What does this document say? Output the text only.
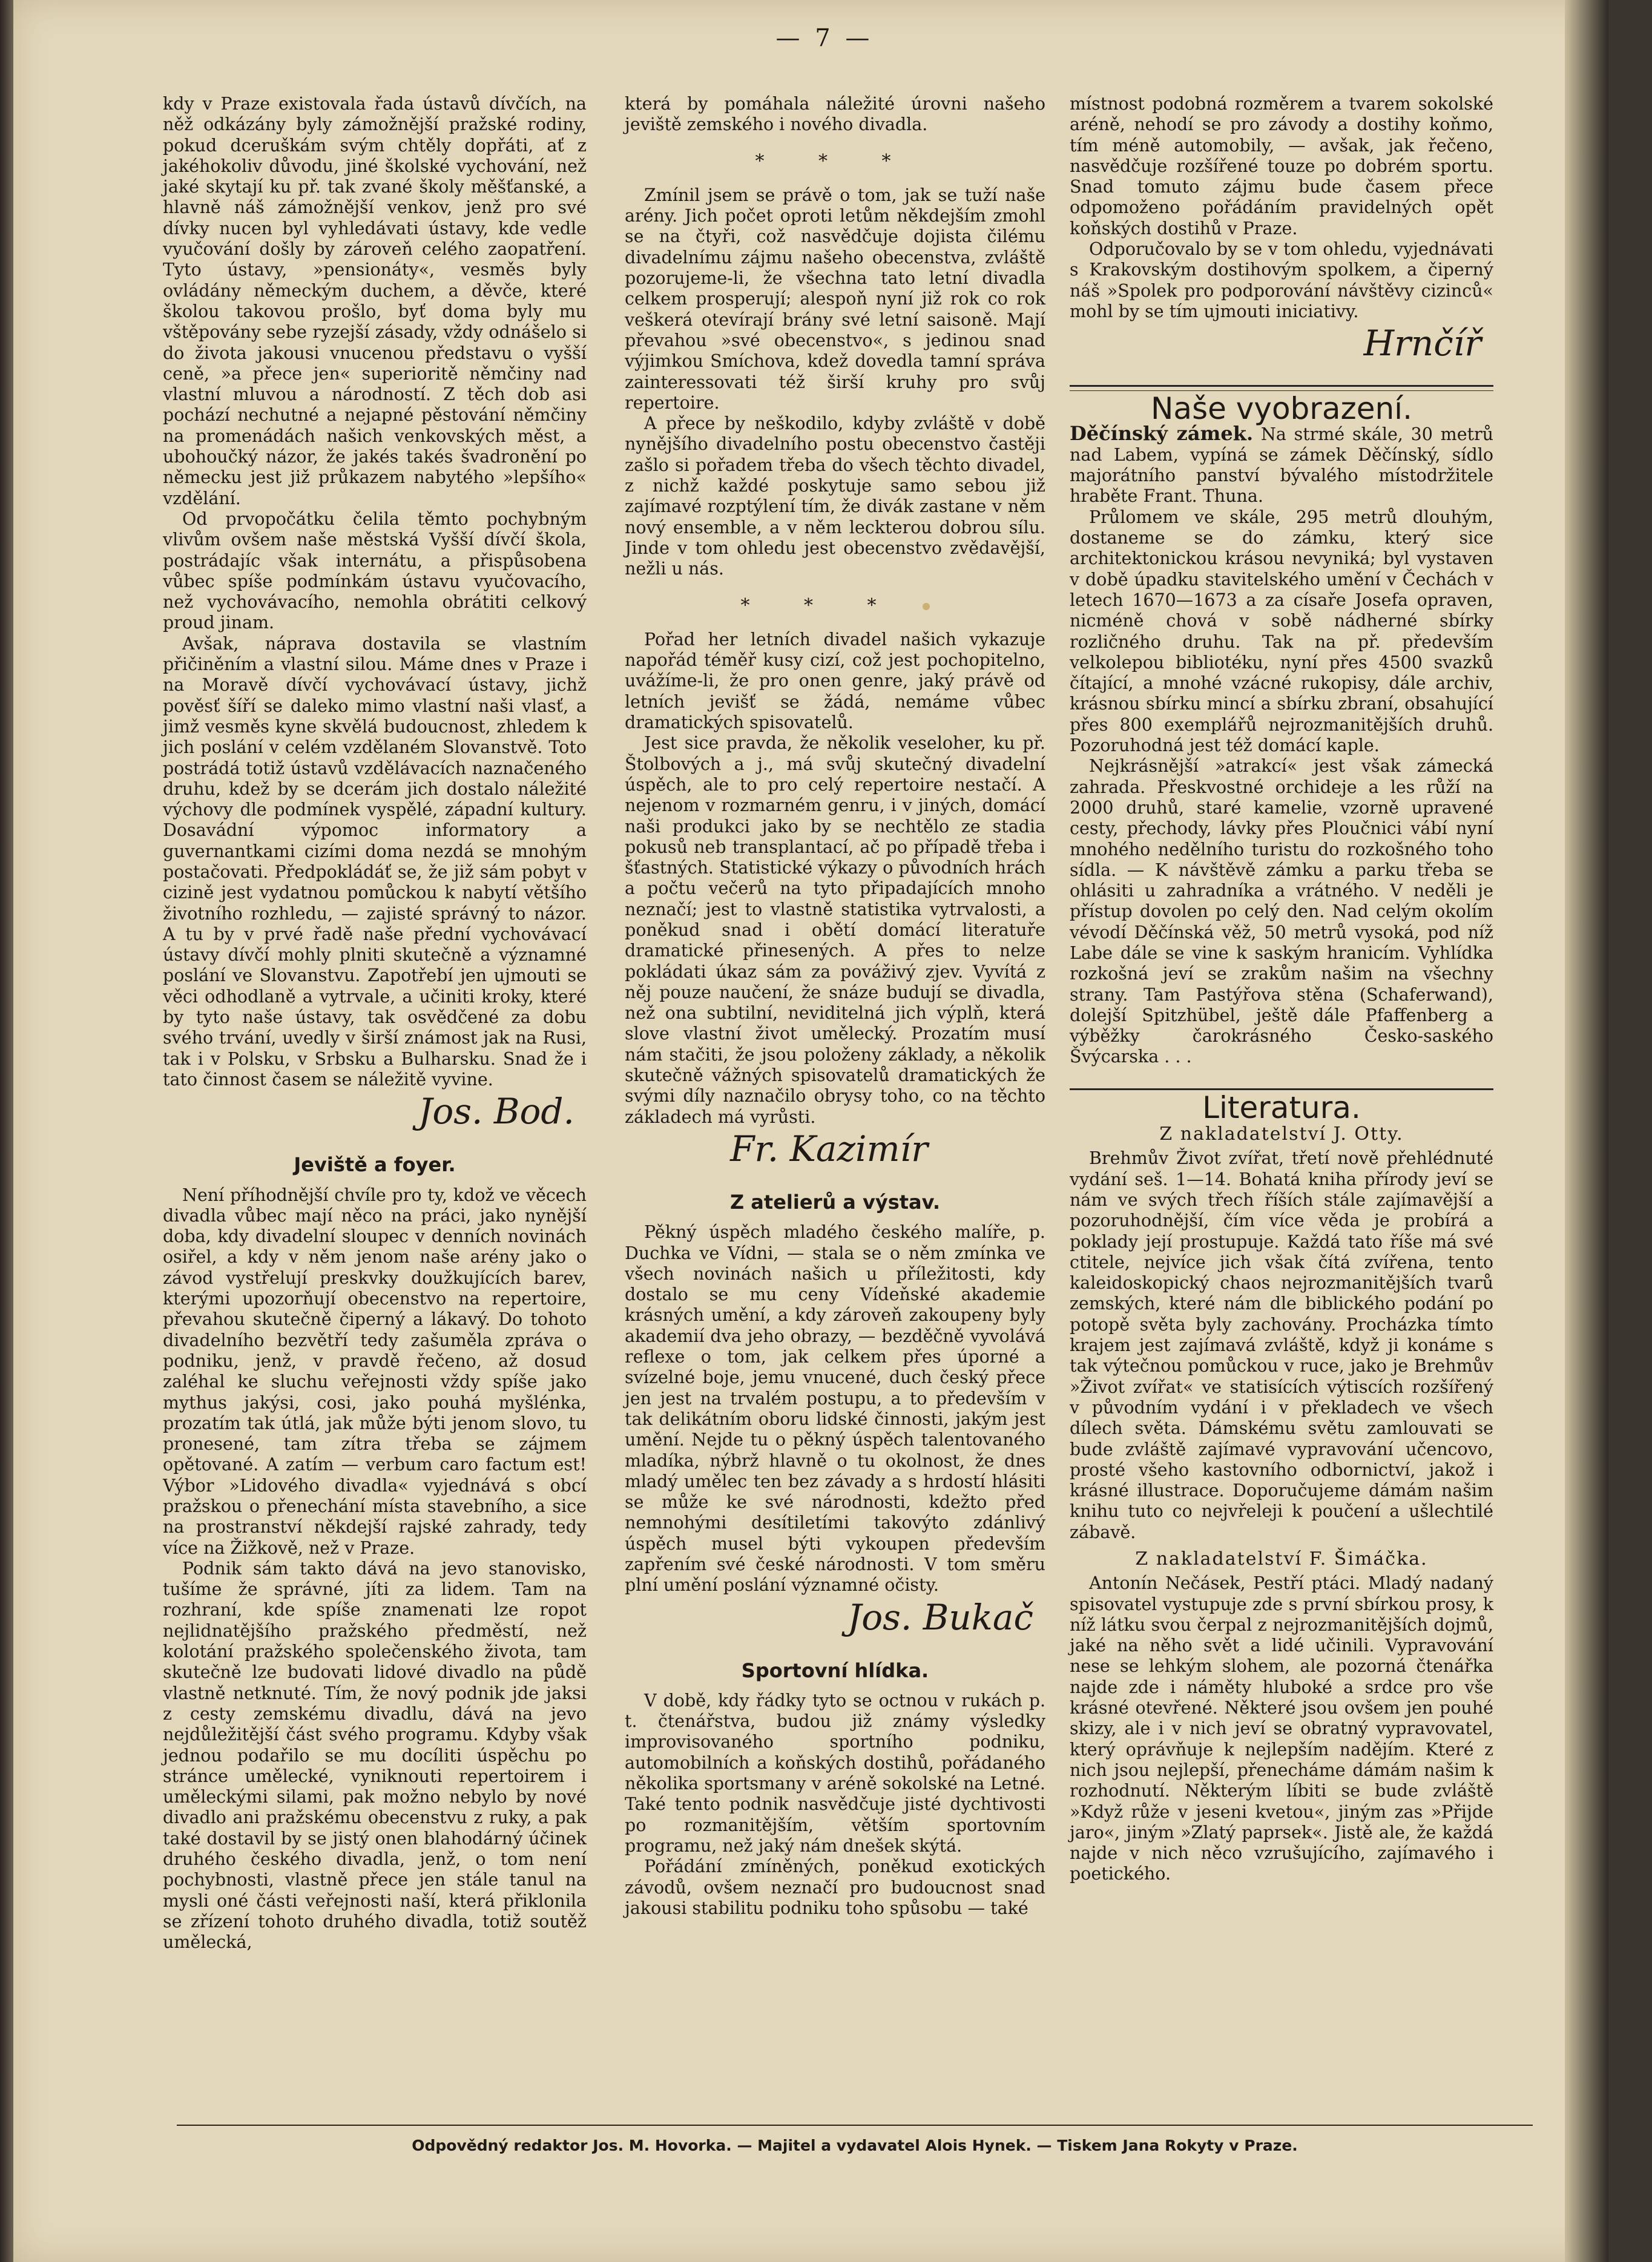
— 7 —

kdy v Praze existovala řada ústavů dívčích, na něž odkázány byly zámožnější pražské rodiny, pokud dceruškám svým chtěly dopřáti, ať z jakéhokoliv důvodu, jiné školské vychování, než jaké skytají ku př. tak zvané školy měšťanské, a hlavně náš zámožnější venkov, jenž pro své dívky nucen byl vyhledávati ústavy, kde vedle vyučování došly by zároveň celého zaopatření. Tyto ústavy, »pensionáty«, vesměs byly ovládány německým duchem, a děvče, které školou takovou prošlo, byť doma byly mu vštěpovány sebe ryzejší zásady, vždy odnášelo si do života jakousi vnucenou představu o vyšší ceně, »a přece jen« superioritě němčiny nad vlastní mluvou a národností. Z těch dob asi pochází nechutné a nejapné pěstování němčiny na promenádách našich venkovských měst, a ubohoučký názor, že jakés takés švadronění po německu jest již průkazem nabytého »lepšího« vzdělání.

Od prvopočátku čelila těmto pochybným vlivům ovšem naše městská Vyšší dívčí škola, postrádajíc však internátu, a přispůsobena vůbec spíše podmínkám ústavu vyučovacího, než vychovávacího, nemohla obrátiti celkový proud jinam.

Avšak, náprava dostavila se vlastním přičiněním a vlastní silou. Máme dnes v Praze i na Moravě dívčí vychovávací ústavy, jichž pověsť šíří se daleko mimo vlastní naši vlasť, a jimž vesměs kyne skvělá budoucnost, zhledem k jich poslání v celém vzdělaném Slovanstvě. Toto postrádá totiž ústavů vzdělávacích naznačeného druhu, kdež by se dcerám jich dostalo náležité výchovy dle podmínek vyspělé, západní kultury. Dosavádní výpomoc informatory a guvernantkami cizími doma nezdá se mnohým postačovati. Předpokládáť se, že již sám pobyt v cizině jest vydatnou pomůckou k nabytí většího životního rozhledu, — zajisté správný to názor. A tu by v prvé řadě naše přední vychovávací ústavy dívčí mohly plniti skutečně a významné poslání ve Slovanstvu. Zapotřebí jen ujmouti se věci odhodlaně a vytrvale, a učiniti kroky, které by tyto naše ústavy, tak osvědčené za dobu svého trvání, uvedly v širší známost jak na Rusi, tak i v Polsku, v Srbsku a Bulharsku. Snad že i tato činnost časem se náležitě vyvine.

Jos. Bod.
Jeviště a foyer.

Není příhodnější chvíle pro ty, kdož ve věcech divadla vůbec mají něco na práci, jako nynější doba, kdy divadelní sloupec v denních novinách osiřel, a kdy v něm jenom naše arény jako o závod vystřelují preskvky doužkujících barev, kterými upozorňují obecenstvo na repertoire, převahou skutečně čiperný a lákavý. Do tohoto divadelního bezvětří tedy zašuměla zpráva o podniku, jenž, v pravdě řečeno, až dosud zaléhal ke sluchu veřejnosti vždy spíše jako mythus jakýsi, cosi, jako pouhá myšlénka, prozatím tak útlá, jak může býti jenom slovo, tu pronesené, tam zítra třeba se zájmem opětované. A zatím — verbum caro factum est! Výbor »Lidového divadla« vyjednává s obcí pražskou o přenechání místa stavebního, a sice na prostranství někdejší rajské zahrady, tedy více na Žižkově, než v Praze.

Podnik sám takto dává na jevo stanovisko, tušíme že správné, jíti za lidem. Tam na rozhraní, kde spíše znamenati lze ropot nejlidnatějšího pražského předměstí, než kolotání pražského společenského života, tam skutečně lze budovati lidové divadlo na půdě vlastně netknuté. Tím, že nový podnik jde jaksi z cesty zemskému divadlu, dává na jevo nejdůležitější část svého programu. Kdyby však jednou podařilo se mu docíliti úspěchu po stránce umělecké, vyniknouti repertoirem i uměleckými silami, pak možno nebylo by nové divadlo ani pražskému obecenstvu z ruky, a pak také dostavil by se jistý onen blahodárný účinek druhého českého divadla, jenž, o tom není pochybnosti, vlastně přece jen stále tanul na mysli oné části veřejnosti naší, která přiklonila se zřízení tohoto druhého divadla, totiž soutěž umělecká,

která by pomáhala náležité úrovni našeho jeviště zemského i nového divadla.

* * *

Zmínil jsem se právě o tom, jak se tuží naše arény. Jich počet oproti letům někdejším zmohl se na čtyři, což nasvědčuje dojista čilému divadelnímu zájmu našeho obecenstva, zvláště pozorujeme-li, že všechna tato letní divadla celkem prosperují; alespoň nyní již rok co rok veškerá otevírají brány své letní saisoně. Mají převahou »své obecenstvo«, s jedinou snad výjimkou Smíchova, kdež dovedla tamní správa zainteressovati též širší kruhy pro svůj repertoire.

A přece by neškodilo, kdyby zvláště v době nynějšího divadelního postu obecenstvo častěji zašlo si pořadem třeba do všech těchto divadel, z nichž každé poskytuje samo sebou již zajímavé rozptýlení tím, že divák zastane v něm nový ensemble, a v něm leckterou dobrou sílu. Jinde v tom ohledu jest obecenstvo zvědavější, nežli u nás.

* * *

Pořad her letních divadel našich vykazuje napořád téměř kusy cizí, což jest pochopitelno, uvážíme-li, že pro onen genre, jaký právě od letních jevišť se žádá, nemáme vůbec dramatických spisovatelů.

Jest sice pravda, že několik veseloher, ku př. Štolbových a j., má svůj skutečný divadelní úspěch, ale to pro celý repertoire nestačí. A nejenom v rozmarném genru, i v jiných, domácí naši produkci jako by se nechtělo ze stadia pokusů neb transplantací, ač po případě třeba i šťastných. Statistické výkazy o původních hrách a počtu večerů na tyto připadajících mnoho neznačí; jest to vlastně statistika vytrvalosti, a poněkud snad i obětí domácí literatuře dramatické přinesených. A přes to nelze pokládati úkaz sám za pováživý zjev. Vyvítá z něj pouze naučení, že snáze budují se divadla, než ona subtilní, neviditelná jich výplň, která slove vlastní život umělecký. Prozatím musí nám stačiti, že jsou položeny základy, a několik skutečně vážných spisovatelů dramatických že svými díly naznačilo obrysy toho, co na těchto základech má vyrůsti.

Fr. Kazimír
Z atelierů a výstav.

Pěkný úspěch mladého českého malíře, p. Duchka ve Vídni, — stala se o něm zmínka ve všech novinách našich u příležitosti, kdy dostalo se mu ceny Vídeňské akademie krásných umění, a kdy zároveň zakoupeny byly akademií dva jeho obrazy, — bezděčně vyvolává reflexe o tom, jak celkem přes úporné a svízelné boje, jemu vnucené, duch český přece jen jest na trvalém postupu, a to především v tak delikátním oboru lidské činnosti, jakým jest umění. Nejde tu o pěkný úspěch talentovaného mladíka, nýbrž hlavně o tu okolnost, že dnes mladý umělec ten bez závady a s hrdostí hlásiti se může ke své národnosti, kdežto před nemnohými desítiletími takovýto zdánlivý úspěch musel býti vykoupen především zapřením své české národnosti. V tom směru plní umění poslání významné očisty.

Jos. Bukač
Sportovní hlídka.

V době, kdy řádky tyto se octnou v rukách p. t. čtenářstva, budou již známy výsledky improvisovaného sportního podniku, automobilních a koňských dostihů, pořádaného několika sportsmany v aréně sokolské na Letné. Také tento podnik nasvědčuje jisté dychtivosti po rozmanitějším, větším sportovním programu, než jaký nám dnešek skýtá.

Pořádání zmíněných, poněkud exotických závodů, ovšem neznačí pro budoucnost snad jakousi stabilitu podniku toho spůsobu — také

místnost podobná rozměrem a tvarem sokolské aréně, nehodí se pro závody a dostihy koňmo, tím méně automobily, — avšak, jak řečeno, nasvědčuje rozšířené touze po dobrém sportu. Snad tomuto zájmu bude časem přece odpomoženo pořádáním pravidelných opět koňských dostihů v Praze.

Odporučovalo by se v tom ohledu, vyjednávati s Krakovským dostihovým spolkem, a čiperný náš »Spolek pro podporování návštěvy cizinců« mohl by se tím ujmouti iniciativy.

Hrnčíř
Naše vyobrazení.

Děčínský zámek. Na strmé skále, 30 metrů nad Labem, vypíná se zámek Děčínský, sídlo majorátního panství bývalého místodržitele hraběte Frant. Thuna.

Průlomem ve skále, 295 metrů dlouhým, dostaneme se do zámku, který sice architektonickou krásou nevyniká; byl vystaven v době úpadku stavitelského umění v Čechách v letech 1670—1673 a za císaře Josefa opraven, nicméně chová v sobě nádherné sbírky rozličného druhu. Tak na př. především velkolepou bibliotéku, nyní přes 4500 svazků čítající, a mnohé vzácné rukopisy, dále archiv, krásnou sbírku mincí a sbírku zbraní, obsahující přes 800 exemplářů nejrozmanitějších druhů. Pozoruhodná jest též domácí kaple.

Nejkrásnější »atrakcí« jest však zámecká zahrada. Přeskvostné orchideje a les růží na 2000 druhů, staré kamelie, vzorně upravené cesty, přechody, lávky přes Ploučnici vábí nyní mnohého nedělního turistu do rozkošného toho sídla. — K návštěvě zámku a parku třeba se ohlásiti u zahradníka a vrátného. V neděli je přístup dovolen po celý den. Nad celým okolím vévodí Děčínská věž, 50 metrů vysoká, pod níž Labe dále se vine k saským hranicím. Vyhlídka rozkošná jeví se zrakům našim na všechny strany. Tam Pastýřova stěna (Schaferwand), dolejší Spitzhübel, ještě dále Pfaffenberg a výběžky čarokrásného Česko-saského Švýcarska . . .

Literatura.
Z nakladatelství J. Otty.

Brehmův Život zvířat, třetí nově přehlédnuté vydání seš. 1—14. Bohatá kniha přírody jeví se nám ve svých třech říších stále zajímavější a pozoruhodnější, čím více věda je probírá a poklady její prostupuje. Každá tato říše má své ctitele, nejvíce jich však čítá zvířena, tento kaleidoskopický chaos nejrozmanitějších tvarů zemských, které nám dle biblického podání po potopě světa byly zachovány. Procházka tímto krajem jest zajímavá zvláště, když ji konáme s tak výtečnou pomůckou v ruce, jako je Brehmův »Život zvířat« ve statisících výtiscích rozšířený v původním vydání i v překladech ve všech dílech světa. Dámskému světu zamlouvati se bude zvláště zajímavé vypravování učencovo, prosté všeho kastovního odbornictví, jakož i krásné illustrace. Doporučujeme dámám našim knihu tuto co nejvřeleji k poučení a ušlechtilé zábavě.

Z nakladatelství F. Šimáčka.

Antonín Nečásek, Pestří ptáci. Mladý nadaný spisovatel vystupuje zde s první sbírkou prosy, k níž látku svou čerpal z nejrozmanitějších dojmů, jaké na něho svět a lidé učinili. Vypravování nese se lehkým slohem, ale pozorná čtenářka najde zde i náměty hluboké a srdce pro vše krásné otevřené. Některé jsou ovšem jen pouhé skizy, ale i v nich jeví se obratný vypravovatel, který oprávňuje k nejlepším nadějím. Které z nich jsou nejlepší, přenecháme dámám našim k rozhodnutí. Některým líbiti se bude zvláště »Když růže v jeseni kvetou«, jiným zas »Přijde jaro«, jiným »Zlatý paprsek«. Jistě ale, že každá najde v nich něco vzrušujícího, zajímavého i poetického.

Odpovědný redaktor Jos. M. Hovorka. — Majitel a vydavatel Alois Hynek. — Tiskem Jana Rokyty v Praze.
